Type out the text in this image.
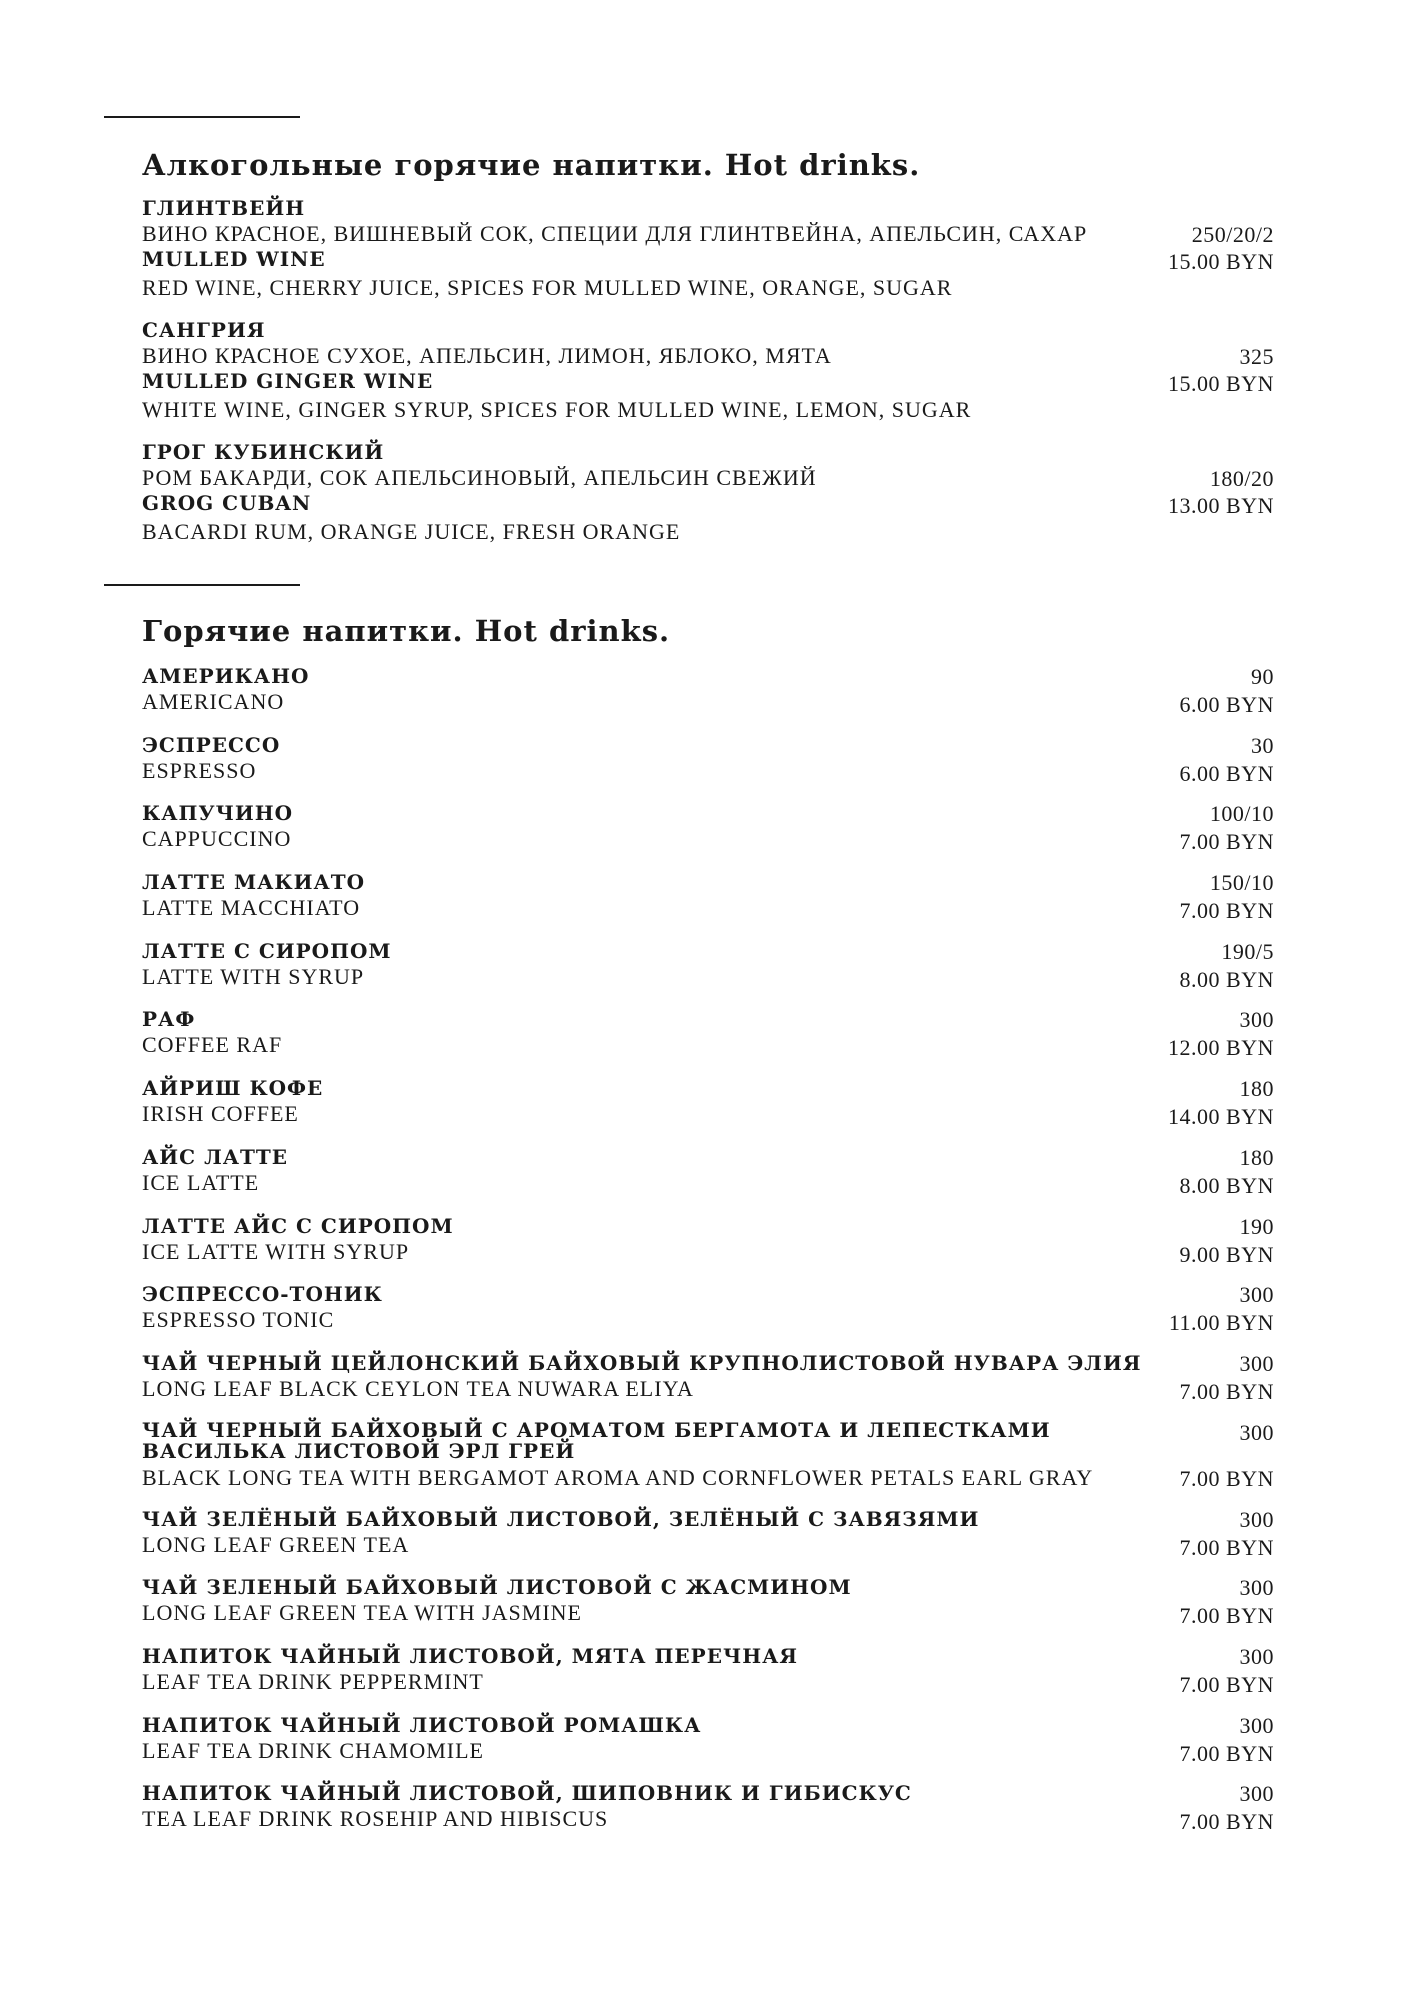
Алкогольные горячие напитки. Hot drinks.
ГЛИНТВЕЙН
ВИНО КРАСНОЕ, ВИШНЕВЫЙ СОК, СПЕЦИИ ДЛЯ ГЛИНТВЕЙНА, АПЕЛЬСИН, САХАР
MULLED WINE
RED WINE, CHERRY JUICE, SPICES FOR MULLED WINE, ORANGE, SUGAR
250/20/2
15.00 BYN
САНГРИЯ
ВИНО КРАСНОЕ СУХОЕ, АПЕЛЬСИН, ЛИМОН, ЯБЛОКО, МЯТА
MULLED GINGER WINE
WHITE WINE, GINGER SYRUP, SPICES FOR MULLED WINE, LEMON, SUGAR
325
15.00 BYN
ГРОГ КУБИНСКИЙ
РОМ БАКАРДИ, СОК АПЕЛЬСИНОВЫЙ, АПЕЛЬСИН СВЕЖИЙ
GROG CUBAN
BACARDI RUM, ORANGE JUICE, FRESH ORANGE
180/20
13.00 BYN
Горячие напитки. Hot drinks.
АМЕРИКАНО
AMERICANO
90
6.00 BYN
ЭСПРЕССО
ESPRESSO
30
6.00 BYN
КАПУЧИНО
CAPPUCCINO
100/10
7.00 BYN
ЛАТТЕ МАКИАТО
LATTE MACCHIATO
150/10
7.00 BYN
ЛАТТЕ С СИРОПОМ
LATTE WITH SYRUP
190/5
8.00 BYN
РАФ
COFFEE RAF
300
12.00 BYN
АЙРИШ КОФЕ
IRISH COFFEE
180
14.00 BYN
АЙС ЛАТТЕ
ICE LATTE
180
8.00 BYN
ЛАТТЕ АЙС С СИРОПОМ
ICE LATTE WITH SYRUP
190
9.00 BYN
ЭСПРЕССО-ТОНИК
ESPRESSO TONIC
300
11.00 BYN
ЧАЙ ЧЕРНЫЙ ЦЕЙЛОНСКИЙ БАЙХОВЫЙ КРУПНОЛИСТОВОЙ НУВАРА ЭЛИЯ
LONG LEAF BLACK CEYLON TEA NUWARA ELIYA
300
7.00 BYN
ЧАЙ ЧЕРНЫЙ БАЙХОВЫЙ С АРОМАТОМ БЕРГАМОТА И ЛЕПЕСТКАМИ ВАСИЛЬКА ЛИСТОВОЙ ЭРЛ ГРЕЙ
BLACK LONG TEA WITH BERGAMOT AROMA AND CORNFLOWER PETALS EARL GRAY
300
7.00 BYN
ЧАЙ ЗЕЛЁНЫЙ БАЙХОВЫЙ ЛИСТОВОЙ, ЗЕЛЁНЫЙ С ЗАВЯЗЯМИ
LONG LEAF GREEN TEA
300
7.00 BYN
ЧАЙ ЗЕЛЕНЫЙ БАЙХОВЫЙ ЛИСТОВОЙ С ЖАСМИНОМ
LONG LEAF GREEN TEA WITH JASMINE
300
7.00 BYN
НАПИТОК ЧАЙНЫЙ ЛИСТОВОЙ, МЯТА ПЕРЕЧНАЯ
LEAF TEA DRINK PEPPERMINT
300
7.00 BYN
НАПИТОК ЧАЙНЫЙ ЛИСТОВОЙ РОМАШКА
LEAF TEA DRINK CHAMOMILE
300
7.00 BYN
НАПИТОК ЧАЙНЫЙ ЛИСТОВОЙ, ШИПОВНИК И ГИБИСКУС
TEA LEAF DRINK ROSEHIP AND HIBISCUS
300
7.00 BYN
